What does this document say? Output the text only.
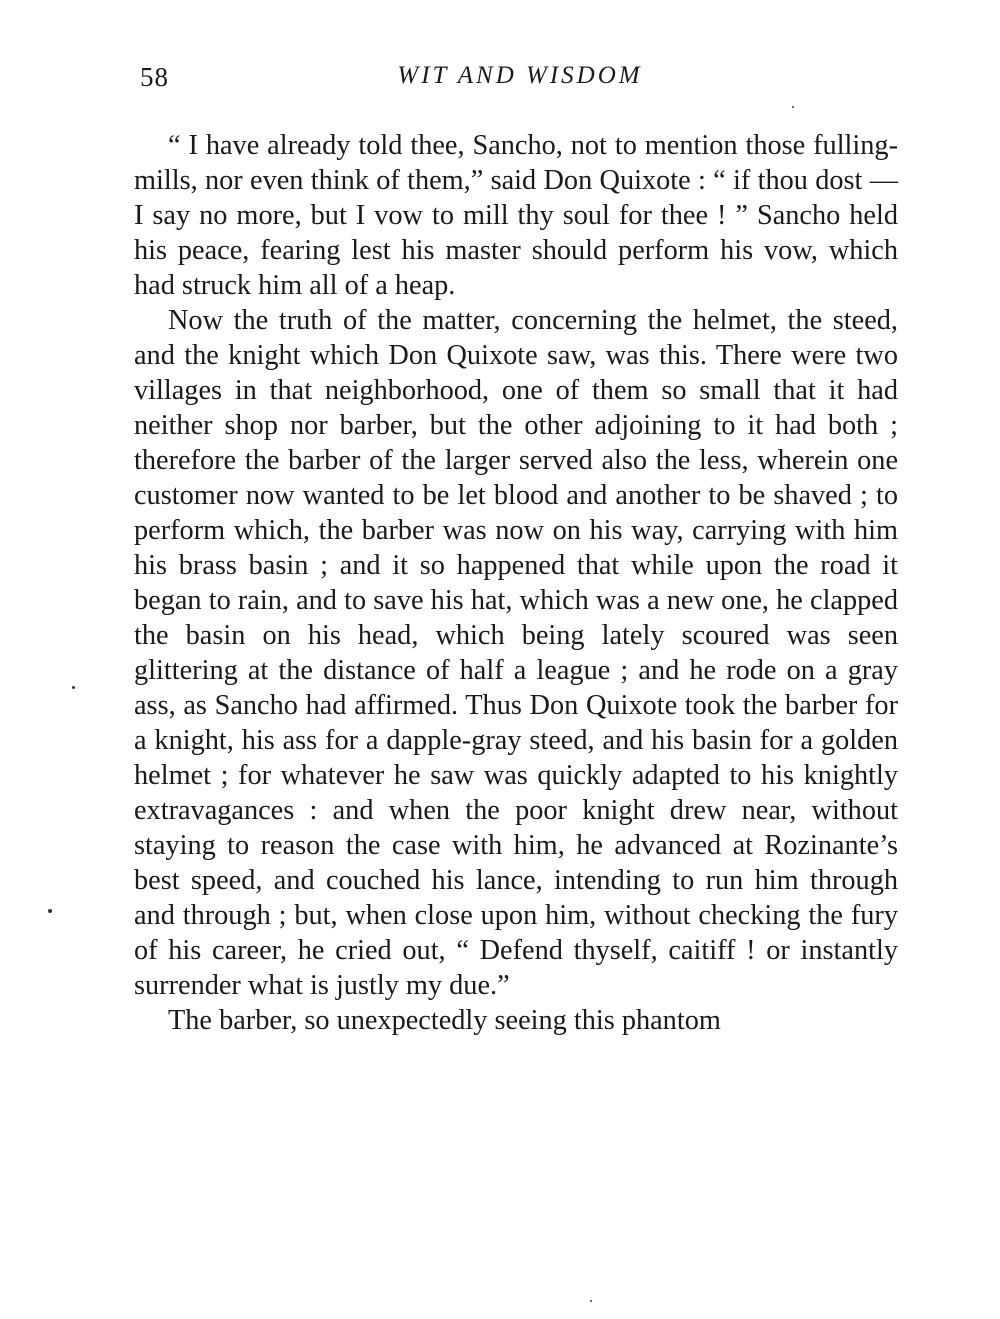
58	WIT AND WISDOM

“ I have already told thee, Sancho, not to mention those fulling-mills, nor even think of them,” said Don Quixote : “ if thou dost — I say no more, but I vow to mill thy soul for thee ! ” Sancho held his peace, fearing lest his master should perform his vow, which had struck him all of a heap.

Now the truth of the matter, concerning the helmet, the steed, and the knight which Don Quixote saw, was this. There were two villages in that neighborhood, one of them so small that it had neither shop nor barber, but the other adjoining to it had both ; therefore the barber of the larger served also the less, wherein one customer now wanted to be let blood and another to be shaved ; to perform which, the barber was now on his way, carrying with him his brass basin ; and it so happened that while upon the road it began to rain, and to save his hat, which was a new one, he clapped the basin on his head, which being lately scoured was seen glittering at the distance of half a league ; and he rode on a gray ass, as Sancho had affirmed. Thus Don Quixote took the barber for a knight, his ass for a dapple-gray steed, and his basin for a golden helmet ; for whatever he saw was quickly adapted to his knightly extravagances : and when the poor knight drew near, without staying to reason the case with him, he advanced at Rozinante’s best speed, and couched his lance, intending to run him through and through ; but, when close upon him, without checking the fury of his career, he cried out, “ Defend thyself, caitiff ! or instantly surrender what is justly my due.”

The barber, so unexpectedly seeing this phantom
